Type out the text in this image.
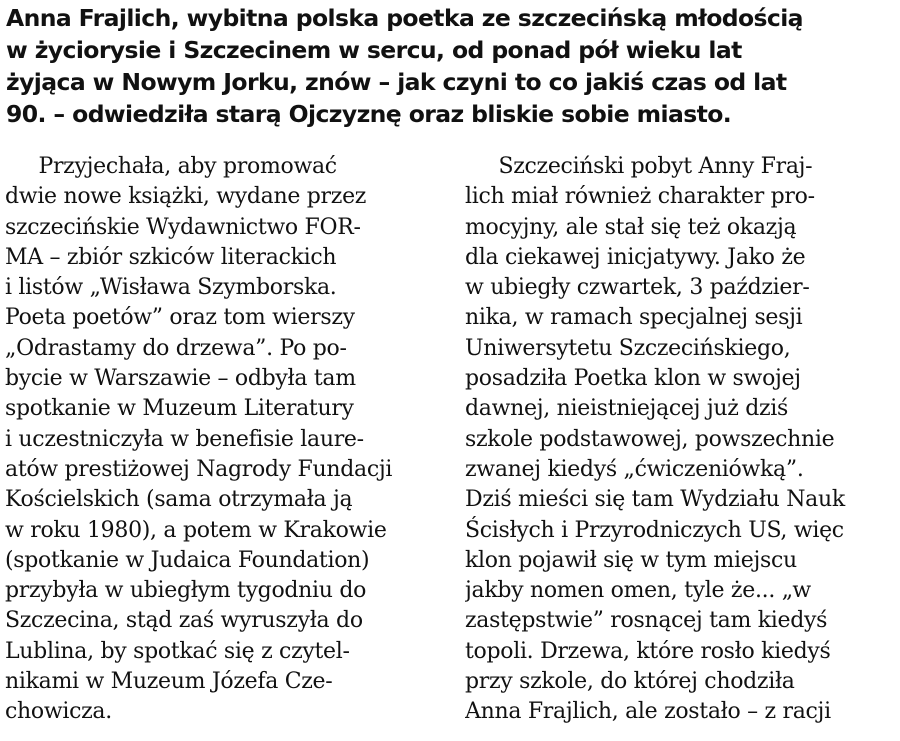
Anna Frajlich, wybitna polska poetka ze szczecińską młodością
w życiorysie i Szczecinem w sercu, od ponad pół wieku lat
żyjąca w Nowym Jorku, znów – jak czyni to co jakiś czas od lat
90. – odwiedziła starą Ojczyznę oraz bliskie sobie miasto.
Przyjechała, aby promować
dwie nowe książki, wydane przez
szczecińskie Wydawnictwo FOR-
MA – zbiór szkiców literackich
i listów „Wisława Szymborska.
Poeta poetów” oraz tom wierszy
„Odrastamy do drzewa”. Po po-
bycie w Warszawie – odbyła tam
spotkanie w Muzeum Literatury
i uczestniczyła w benefisie laure-
atów prestiżowej Nagrody Fundacji
Kościelskich (sama otrzymała ją
w roku 1980), a potem w Krakowie
(spotkanie w Judaica Foundation)
przybyła w ubiegłym tygodniu do
Szczecina, stąd zaś wyruszyła do
Lublina, by spotkać się z czytel-
nikami w Muzeum Józefa Cze-
chowicza.
Szczeciński pobyt Anny Fraj-
lich miał również charakter pro-
mocyjny, ale stał się też okazją
dla ciekawej inicjatywy. Jako że
w ubiegły czwartek, 3 paździer-
nika, w ramach specjalnej sesji
Uniwersytetu Szczecińskiego,
posadziła Poetka klon w swojej
dawnej, nieistniejącej już dziś
szkole podstawowej, powszechnie
zwanej kiedyś „ćwiczeniówką”.
Dziś mieści się tam Wydziału Nauk
Ścisłych i Przyrodniczych US, więc
klon pojawił się w tym miejscu
jakby nomen omen, tyle że... „w
zastępstwie” rosnącej tam kiedyś
topoli. Drzewa, które rosło kiedyś
przy szkole, do której chodziła
Anna Frajlich, ale zostało – z racji
